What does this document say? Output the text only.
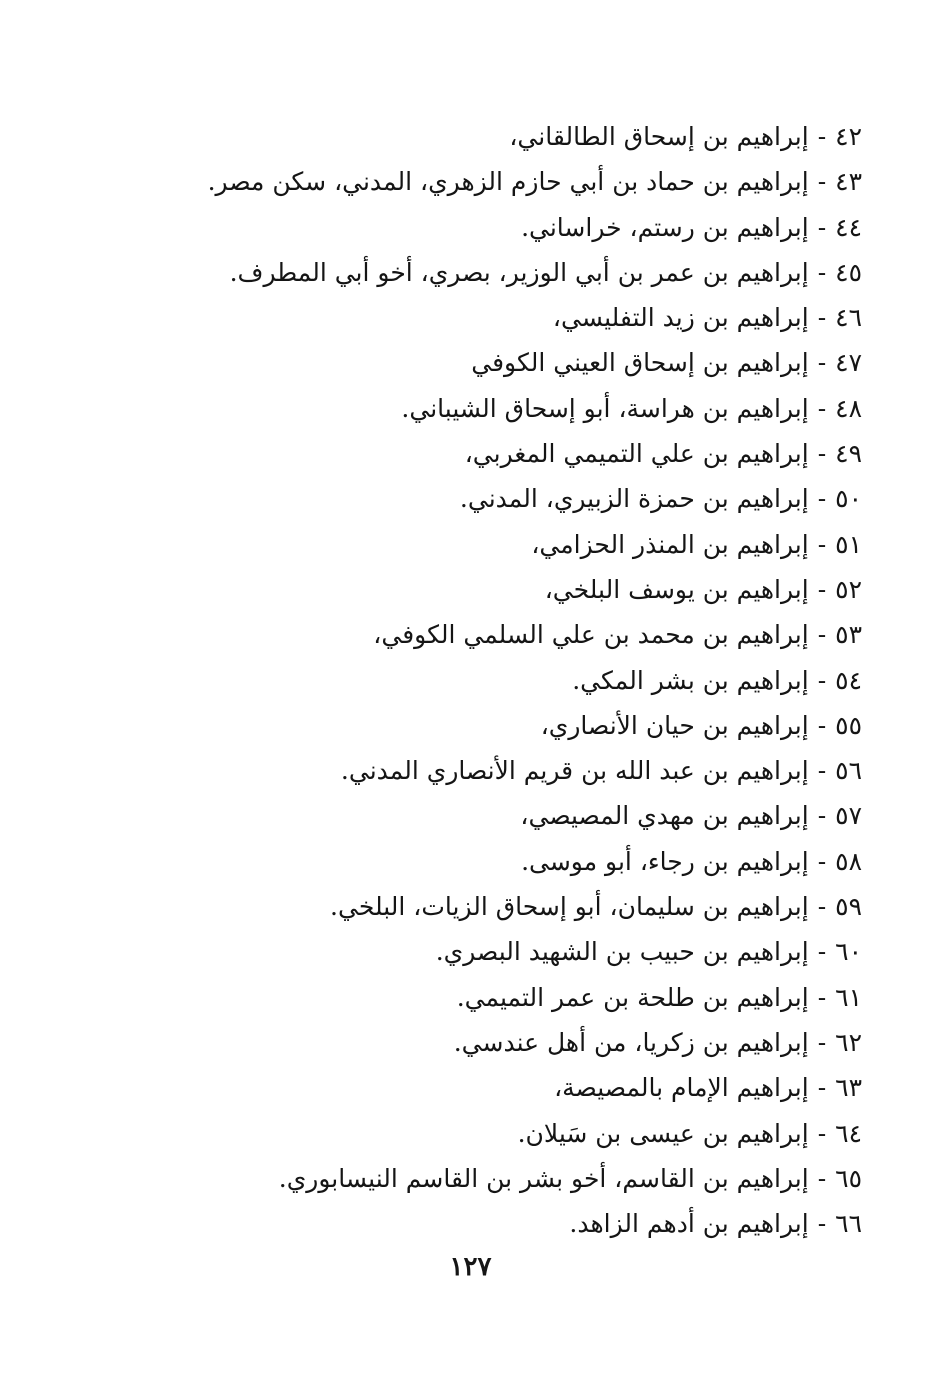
٤٢-إبراهيم بن إسحاق الطالقاني،
٤٣-إبراهيم بن حماد بن أبي حازم الزهري، المدني، سكن مصر.
٤٤-إبراهيم بن رستم، خراساني.
٤٥-إبراهيم بن عمر بن أبي الوزير، بصري، أخو أبي المطرف.
٤٦-إبراهيم بن زيد التفليسي،
٤٧-إبراهيم بن إسحاق العيني الكوفي
٤٨-إبراهيم بن هراسة، أبو إسحاق الشيباني.
٤٩-إبراهيم بن علي التميمي المغربي،
٥٠-إبراهيم بن حمزة الزبيري، المدني.
٥١-إبراهيم بن المنذر الحزامي،
٥٢-إبراهيم بن يوسف البلخي،
٥٣-إبراهيم بن محمد بن علي السلمي الكوفي،
٥٤-إبراهيم بن بشر المكي.
٥٥-إبراهيم بن حيان الأنصاري،
٥٦-إبراهيم بن عبد الله بن قريم الأنصاري المدني.
٥٧-إبراهيم بن مهدي المصيصي،
٥٨-إبراهيم بن رجاء، أبو موسى.
٥٩-إبراهيم بن سليمان، أبو إسحاق الزيات، البلخي.
٦٠-إبراهيم بن حبيب بن الشهيد البصري.
٦١-إبراهيم بن طلحة بن عمر التميمي.
٦٢-إبراهيم بن زكريا، من أهل عندسي.
٦٣-إبراهيم الإمام بالمصيصة،
٦٤-إبراهيم بن عيسى بن سَيلان.
٦٥-إبراهيم بن القاسم، أخو بشر بن القاسم النيسابوري.
٦٦-إبراهيم بن أدهم الزاهد.
١٢٧
